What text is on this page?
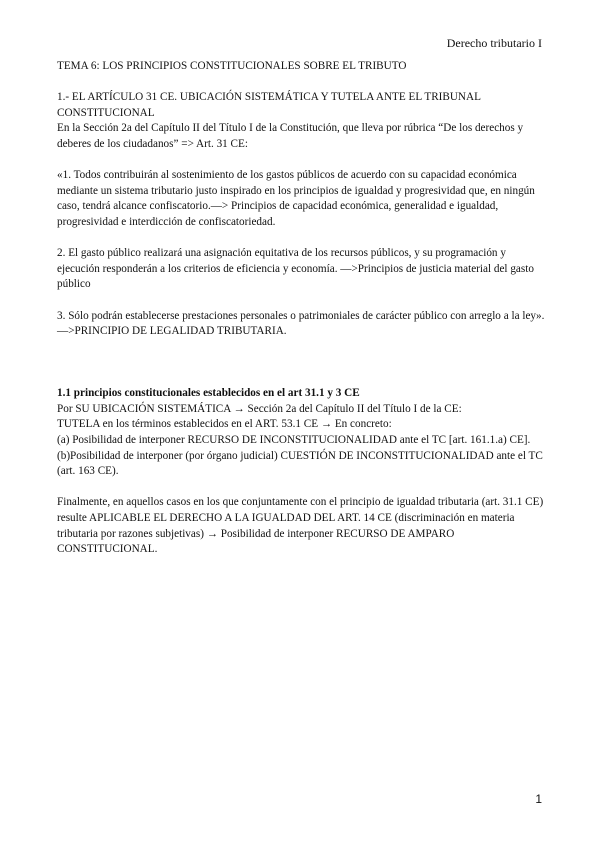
Derecho tributario I

TEMA 6: LOS PRINCIPIOS CONSTITUCIONALES SOBRE EL TRIBUTO

1.- EL ARTÍCULO 31 CE. UBICACIÓN SISTEMÁTICA Y TUTELA ANTE EL TRIBUNAL CONSTITUCIONAL

En la Sección 2a del Capítulo II del Título I de la Constitución, que lleva por rúbrica “De los derechos y deberes de los ciudadanos” => Art. 31 CE:

«1. Todos contribuirán al sostenimiento de los gastos públicos de acuerdo con su capacidad económica mediante un sistema tributario justo inspirado en los principios de igualdad y progresividad que, en ningún caso, tendrá alcance confiscatorio.—> Principios de capacidad económica, generalidad e igualdad, progresividad e interdicción de confiscatoriedad.

2. El gasto público realizará una asignación equitativa de los recursos públicos, y su programación y ejecución responderán a los criterios de eficiencia y economía. —>Principios de justicia material del gasto público

3. Sólo podrán establecerse prestaciones personales o patrimoniales de carácter público con arreglo a la ley». —>PRINCIPIO DE LEGALIDAD TRIBUTARIA.

1.1 principios constitucionales establecidos en el art 31.1 y 3 CE

Por SU UBICACIÓN SISTEMÁTICA → Sección 2a del Capítulo II del Título I de la CE:

TUTELA en los términos establecidos en el ART. 53.1 CE → En concreto:

(a) Posibilidad de interponer RECURSO DE INCONSTITUCIONALIDAD ante el TC [art. 161.1.a) CE].

(b)Posibilidad de interponer (por órgano judicial) CUESTIÓN DE INCONSTITUCIONALIDAD ante el TC (art. 163 CE).

Finalmente, en aquellos casos en los que conjuntamente con el principio de igualdad tributaria (art. 31.1 CE) resulte APLICABLE EL DERECHO A LA IGUALDAD DEL ART. 14 CE (discriminación en materia tributaria por razones subjetivas) → Posibilidad de interponer RECURSO DE AMPARO CONSTITUCIONAL.

1
